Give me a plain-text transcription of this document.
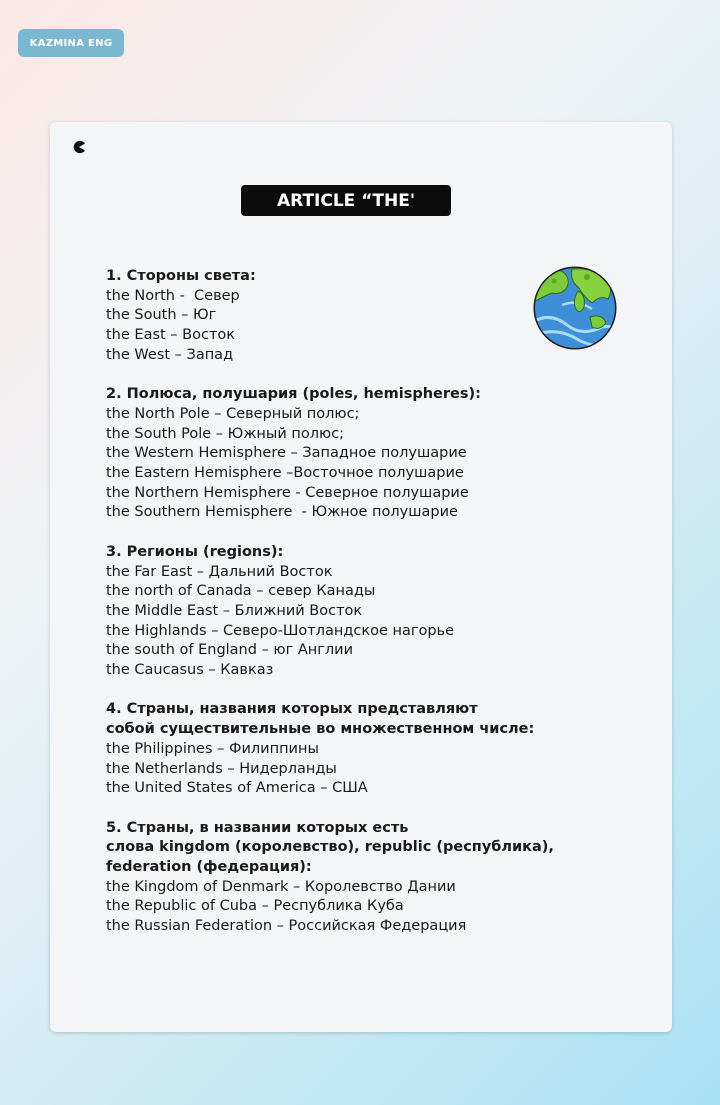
KAZMINA ENG
ARTICLE “THE'
1. Стороны света:
the North -  Север
the South – Юг
the East – Восток
the West – Запад
2. Полюса, полушария (poles, hemispheres):
the North Pole – Северный полюс;
the South Pole – Южный полюс;
the Western Hemisphere – Западное полушарие
the Eastern Hemisphere –Восточное полушарие
the Northern Hemisphere - Северное полушарие
the Southern Hemisphere  - Южное полушарие
3. Регионы (regions):
the Far East – Дальний Восток
the north of Canada – север Канады
the Middle East – Ближний Восток
the Highlands – Северо-Шотландское нагорье
the south of England – юг Англии
the Caucasus – Кавказ
4. Страны, названия которых представляют
собой существительные во множественном числе:
the Philippines – Филиппины
the Netherlands – Нидерланды
the United States of America – США
5. Страны, в названии которых есть
слова kingdom (королевство), republic (республика),
federation (федерация):
the Kingdom of Denmark – Королевство Дании
the Republic of Cuba – Республика Куба
the Russian Federation – Российская Федерация
